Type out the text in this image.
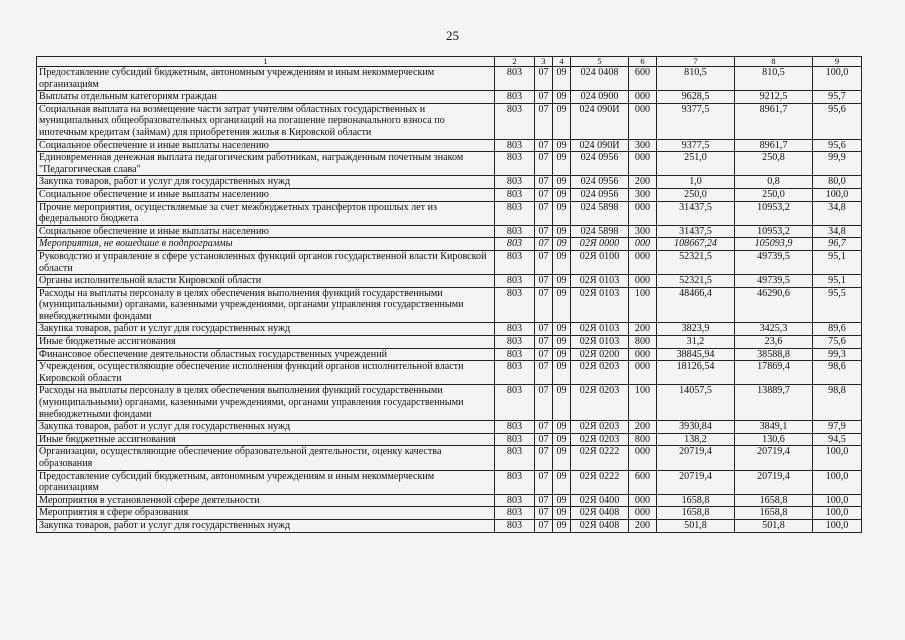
25
1	2	3	4	5	6	7	8	9
Предоставление субсидий бюджетным, автономным учреждениям и иным некоммерческим организациям	803	07	09	024 0408	600	810,5	810,5	100,0
Выплаты отдельным категориям граждан	803	07	09	024 0900	000	9628,5	9212,5	95,7
Социальная выплата на возмещение части затрат учителям областных государственных и муниципальных общеобразовательных организаций на погашение первоначального взноса по ипотечным кредитам (займам) для приобретения жилья в Кировской области	803	07	09	024 090И	000	9377,5	8961,7	95,6
Социальное обеспечение и иные выплаты населению	803	07	09	024 090И	300	9377,5	8961,7	95,6
Единовременная денежная выплата педагогическим работникам, награжденным почетным знаком "Педагогическая слава"	803	07	09	024 0956	000	251,0	250,8	99,9
Закупка товаров, работ и услуг для государственных нужд	803	07	09	024 0956	200	1,0	0,8	80,0
Социальное обеспечение и иные выплаты населению	803	07	09	024 0956	300	250,0	250,0	100,0
Прочие мероприятия, осуществляемые за счет межбюджетных трансфертов прошлых лет из федерального бюджета	803	07	09	024 5898	000	31437,5	10953,2	34,8
Социальное обеспечение и иные выплаты населению	803	07	09	024 5898	300	31437,5	10953,2	34,8
Мероприятия, не вошедшие в подпрограммы	803	07	09	02Я 0000	000	108667,24	105093,9	96,7
Руководство и управление в сфере установленных функций органов государственной власти Кировской области	803	07	09	02Я 0100	000	52321,5	49739,5	95,1
Органы исполнительной власти Кировской области	803	07	09	02Я 0103	000	52321,5	49739,5	95,1
Расходы на выплаты персоналу в целях обеспечения выполнения функций государственными (муниципальными) органами, казенными учреждениями, органами управления государственными внебюджетными фондами	803	07	09	02Я 0103	100	48466,4	46290,6	95,5
Закупка товаров, работ и услуг для государственных нужд	803	07	09	02Я 0103	200	3823,9	3425,3	89,6
Иные бюджетные ассигнования	803	07	09	02Я 0103	800	31,2	23,6	75,6
Финансовое обеспечение деятельности областных государственных учреждений	803	07	09	02Я 0200	000	38845,94	38588,8	99,3
Учреждения, осуществляющие обеспечение исполнения функций органов исполнительной власти Кировской области	803	07	09	02Я 0203	000	18126,54	17869,4	98,6
Расходы на выплаты персоналу в целях обеспечения выполнения функций государственными (муниципальными) органами, казенными учреждениями, органами управления государственными внебюджетными фондами	803	07	09	02Я 0203	100	14057,5	13889,7	98,8
Закупка товаров, работ и услуг для государственных нужд	803	07	09	02Я 0203	200	3930,84	3849,1	97,9
Иные бюджетные ассигнования	803	07	09	02Я 0203	800	138,2	130,6	94,5
Организации, осуществляющие обеспечение образовательной деятельности, оценку качества образования	803	07	09	02Я 0222	000	20719,4	20719,4	100,0
Предоставление субсидий бюджетным, автономным учреждениям и иным некоммерческим организациям	803	07	09	02Я 0222	600	20719,4	20719,4	100,0
Мероприятия в установленной сфере деятельности	803	07	09	02Я 0400	000	1658,8	1658,8	100,0
Мероприятия в сфере образования	803	07	09	02Я 0408	000	1658,8	1658,8	100,0
Закупка товаров, работ и услуг для государственных нужд	803	07	09	02Я 0408	200	501,8	501,8	100,0
